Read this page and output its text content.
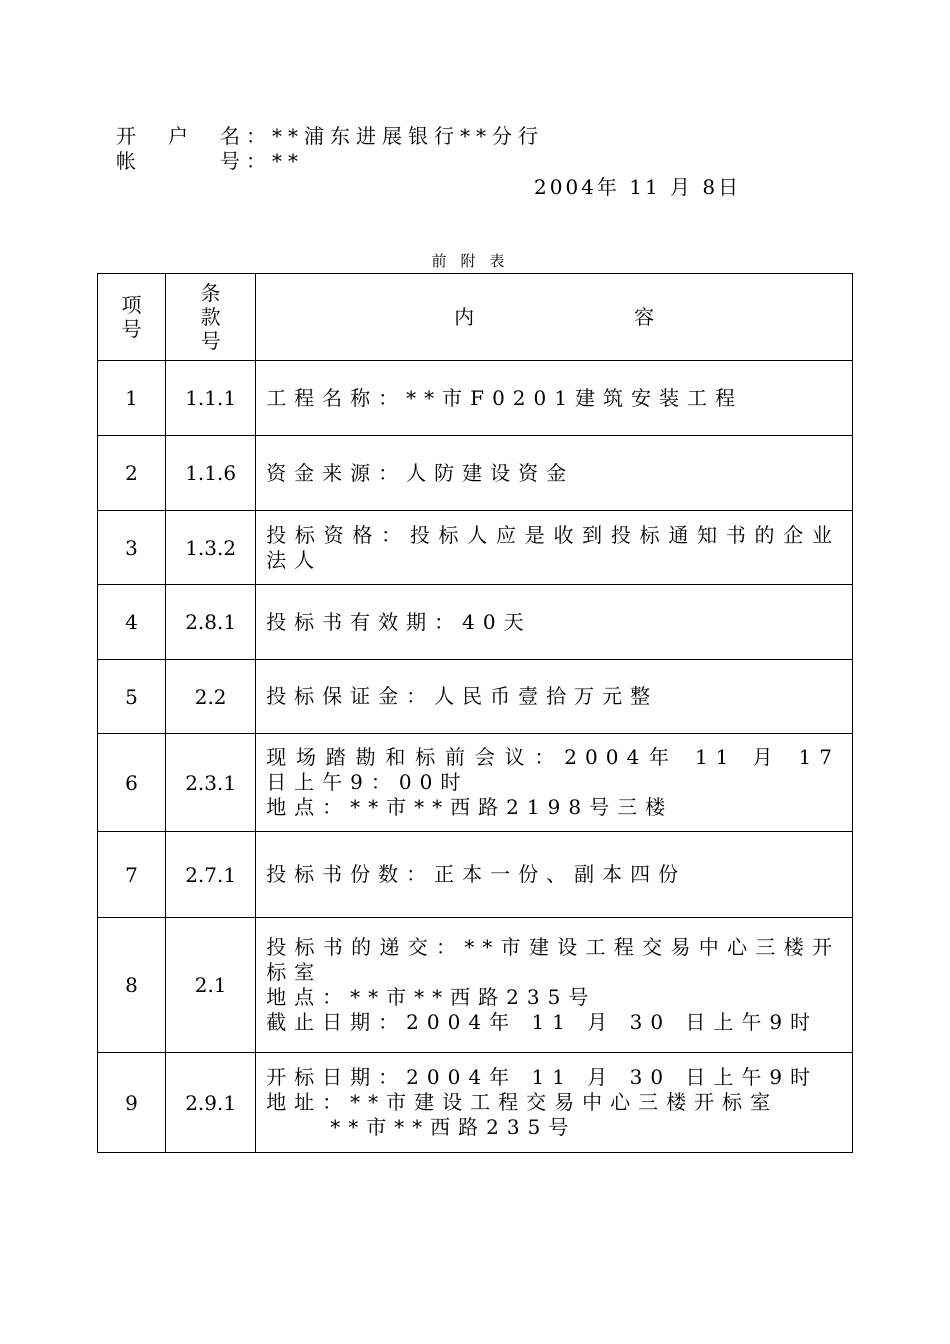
开　户　名：**浦东进展银行**分行
帐　　　号：**
2004年 11 月 8日
前附表
项
号	条
款
号	内容
1	1.1.1	工程名称：**市F0201建筑安装工程

2	1.1.6	资金来源：人防建设资金

3	1.3.2	投标资格：投标人应是收到投标通知书的企业法人

4	2.8.1	投标书有效期：40天

5	2.2	投标保证金：人民币壹拾万元整

6	2.3.1	现场踏勘和标前会议：2004年 11 月 17 日上午9：00时
地点：**市**西路2198号三楼

7	2.7.1	投标书份数：正本一份、副本四份

8	2.1	投标书的递交：**市建设工程交易中心三楼开标室
地点：**市**西路235号
截止日期：2004年 11 月 30 日上午9时

9	2.9.1	开标日期：2004年 11 月 30 日上午9时
地址：**市建设工程交易中心三楼开标室
**市**西路235号
